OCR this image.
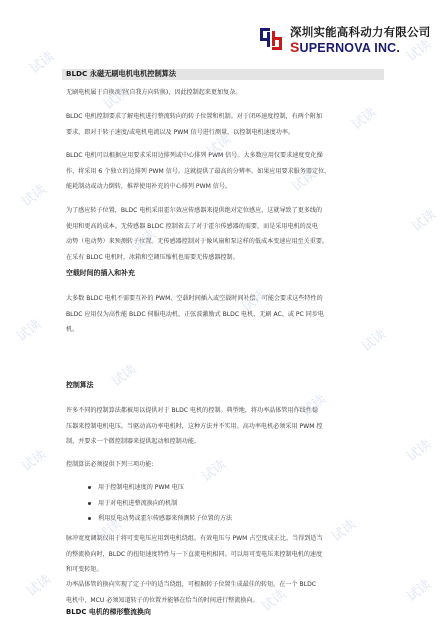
深圳实能高科动力有限公司
SUPERNOVA INC.
BLDC 永磁无刷电机电机控制算法
无刷电机属于自换流型(自我方向转换)，因此控制起来更加复杂。
BLDC 电机控制要求了解电机进行整流转向的转子位置和机制。对于闭环速度控制，有两个附加
要求，即对于转子速度/或电机电流以及 PWM 信号进行测量，以控制电机速度功率。
BLDC 电机可以根据应用要求采用边排列或中心排列 PWM 信号。大多数应用仅要求速度变化操
作，将采用 6 个独立的边排列 PWM 信号。这就提供了最高的分辨率。如果应用要求服务器定位、
能耗制动或动力倒转，推荐使用补充的中心排列 PWM 信号。
为了感应转子位置，BLDC 电机采用霍尔效应传感器来提供绝对定位感应，这就导致了更多线的
使用和更高的成本。无传感器 BLDC 控制省去了对于霍尔传感器的需要，而是采用电机的反电
动势（电动势）来预测转子位置。无传感器控制对于像风扇和泵这样的低成本变速应用至关重要。
在采有 BLDC 电机时，冰箱和空调压缩机也需要无传感器控制。
空载时间的插入和补充
大多数 BLDC 电机不需要互补的 PWM、空载时间插入或空载时间补偿。可能会要求这些特性的
BLDC 应用仅为高性能 BLDC 伺服电动机、正弦波激励式 BLDC 电机、无刷 AC、或 PC 同步电
机。
控制算法
许多不同的控制算法都被用以提供对于 BLDC 电机的控制。典型地，将功率晶体管用作线性稳
压器来控制电机电压。当驱动高功率电机时，这种方法并不实用。高功率电机必须采用 PWM 控
制，并要求一个微控制器来提供起动和控制功能。
控制算法必须提供下列三项功能:
用于控制电机速度的 PWM 电压
用于对电机进整流换向的机制
利用反电动势或霍尔传感器来预测转子位置的方法
脉冲宽度调制仅用于将可变电压应用到电机绕组。有效电压与 PWM 占空度成正比。当得到适当
的整流换向时，BLDC 的扭矩速度特性与一下直流电机相同。可以用可变电压来控制电机的速度
和可变转矩。
功率晶体管的换向实现了定子中的适当绕组，可根据转子位置生成最佳的转矩。在一个 BLDC
电机中，MCU 必须知道转子的位置并能够在恰当的时间进行整流换向。
BLDC 电机的梯形整流换向
试读	试读
试读
试读
试读
试读
试读
试读
试读
试读
试读	试读
试读
试读
试读
试读	试读
试读	试读
试读
试读	试读
